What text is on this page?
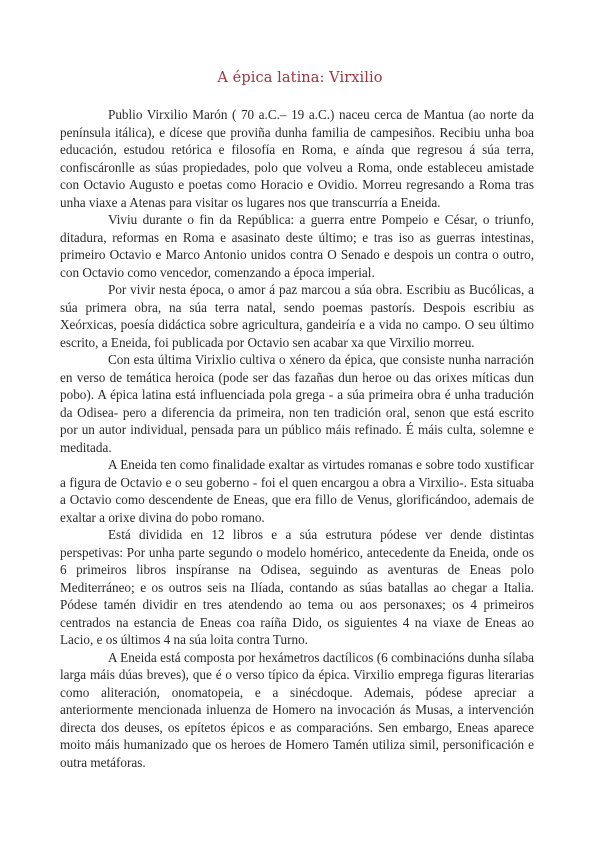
A épica latina: Virxilio

Publio Virxilio Marón ( 70 a.C.– 19 a.C.) naceu cerca de Mantua (ao norte da península itálica), e dícese que proviña dunha familia de campesiños. Recibiu unha boa educación, estudou retórica e filosofía en Roma, e aínda que regresou á súa terra, confiscáronlle as súas propiedades, polo que volveu a Roma, onde estableceu amistade con Octavio Augusto e poetas como Horacio e Ovidio. Morreu regresando a Roma tras unha viaxe a Atenas para visitar os lugares nos que transcurría a Eneida.

Viviu durante o fin da República: a guerra entre Pompeio e César, o triunfo, ditadura, reformas en Roma e asasinato deste último; e tras iso as guerras intestinas, primeiro Octavio e Marco Antonio unidos contra O Senado e despois un contra o outro, con Octavio como vencedor, comenzando a época imperial.

Por vivir nesta época, o amor á paz marcou a súa obra. Escribiu as Bucólicas, a súa primera obra, na súa terra natal, sendo poemas pastorís. Despois escribiu as Xeórxicas, poesía didáctica sobre agricultura, gandeiría e a vida no campo. O seu último escrito, a Eneida, foi publicada por Octavio sen acabar xa que Virxilio morreu.

Con esta última Virixlio cultiva o xénero da épica, que consiste nunha narración en verso de temática heroica (pode ser das fazañas dun heroe ou das orixes míticas dun pobo). A épica latina está influenciada pola grega - a súa primeira obra é unha tradución da Odisea- pero a diferencia da primeira, non ten tradición oral, senon que está escrito por un autor individual, pensada para un público máis refinado. É máis culta, solemne e meditada.

A Eneida ten como finalidade exaltar as virtudes romanas e sobre todo xustificar a figura de Octavio e o seu goberno - foi el quen encargou a obra a Virxilio-. Esta situaba a Octavio como descendente de Eneas, que era fillo de Venus, glorificándoo, ademais de exaltar a orixe divina do pobo romano.

Está dividida en 12 libros e a súa estrutura pódese ver dende distintas perspetivas: Por unha parte segundo o modelo homérico, antecedente da Eneida, onde os 6 primeiros libros inspíranse na Odisea, seguindo as aventuras de Eneas polo Mediterráneo; e os outros seis na Ilíada, contando as súas batallas ao chegar a Italia. Pódese tamén dividir en tres atendendo ao tema ou aos personaxes; os 4 primeiros centrados na estancia de Eneas coa raíña Dido, os siguientes 4 na viaxe de Eneas ao Lacio, e os últimos 4 na súa loita contra Turno.

A Eneida está composta por hexámetros dactílicos (6 combinacións dunha sílaba larga máis dúas breves), que é o verso típico da épica. Virxilio emprega figuras literarias como aliteración, onomatopeia, e a sinécdoque. Ademais, pódese apreciar a anteriormente mencionada inluenza de Homero na invocación ás Musas, a intervención directa dos deuses, os epítetos épicos e as comparacións. Sen embargo, Eneas aparece moito máis humanizado que os heroes de Homero Tamén utiliza simil, personificación e outra metáforas.
